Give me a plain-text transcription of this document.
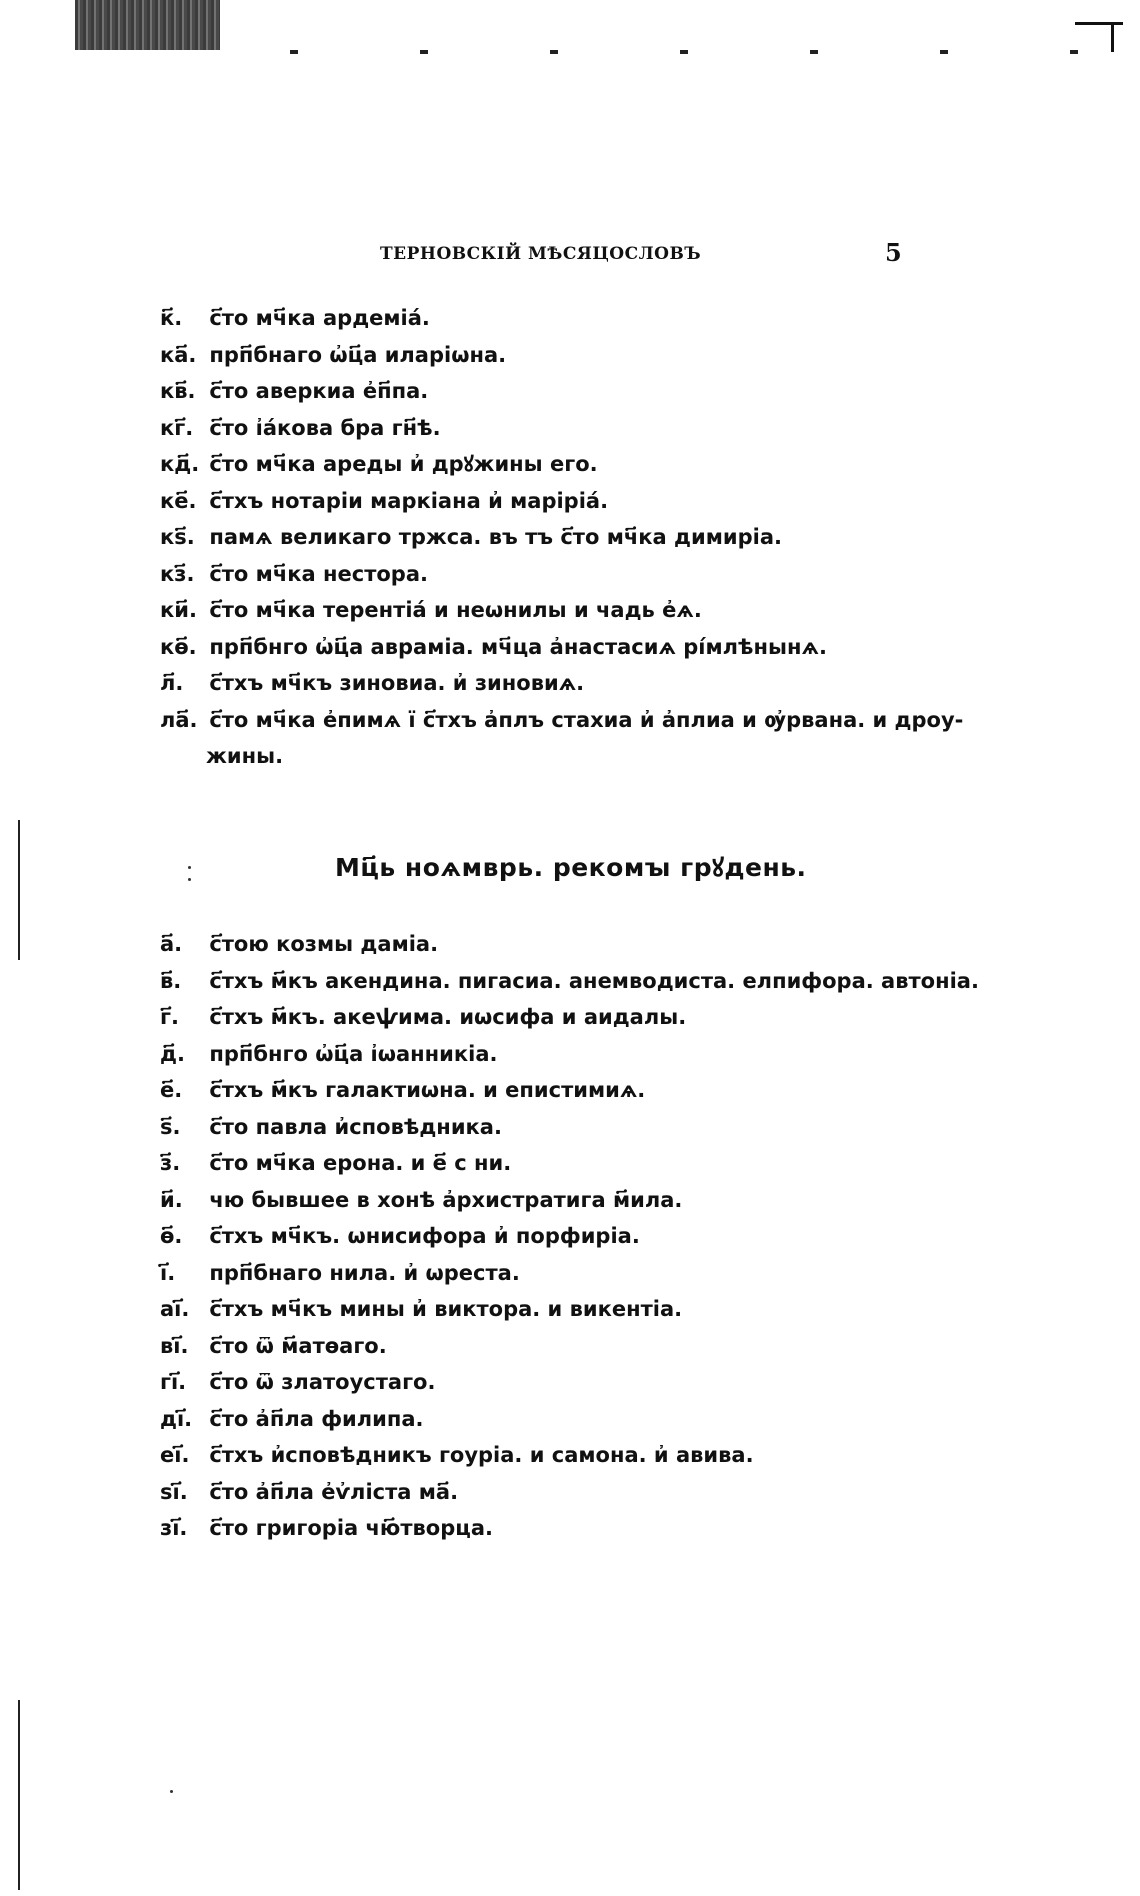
ТЕРНОВСКІЙ МѢСЯЦОСЛОВЪ	5
к҃. с҃то мч҃ка ардеміа́.
ка҃. прп҃бнаго ѡ҆ц҃а иларіѡна.
кв҃. с҃то аверкиа е҆п҃па.
кг҃. с҃то і҆а́кова бра гн҃ѣ.
кд҃. с҃то мч҃ка ареды и҆ дрꙋжины его.
ке҃. с҃тхъ нотаріи маркіана и҆ маріріа́.
кѕ҃. памѧ великаго тржса. въ тъ с҃то мч҃ка димиріа.
кз҃. с҃то мч҃ка нестора.
ки҃. с҃то мч҃ка терентіа́ и неѡнилы и чадь е҆ѧ.
кѳ҃. прп҃бнго ѡ҆ц҃а авраміа. мч҃ца а҆настасиѧ рі́млѣнынѧ.
л҃. с҃тхъ мч҃къ зиновиа. и҆ зиновиѧ.
ла҃. с҃то мч҃ка е҆пимѧ ї с҃тхъ а҆плъ стахиа и҆ а҆плиа и ѹ҆рвана. и дроу-
жины.
Мц҃ь ноѧмврь. рекомꙑ грꙋдень.
а҃. с҃тою козмы даміа.
в҃. с҃тхъ м҃къ акендина. пигасиа. анемводиста. елпифора. автоніа.
г҃. с҃тхъ м҃къ. акеѱима. иѡсифа и аидалы.
д҃. прп҃бнго ѡ҆ц҃а і҆ѡанникіа.
е҃. с҃тхъ м҃къ галактиѡна. и епистимиѧ.
ѕ҃. с҃то павла и҆сповѣдника.
з҃. с҃то мч҃ка ерона. и е҃ с ни.
и҃. чю бывшее в хонѣ а҆рхистратига м҃ила.
ѳ҃. с҃тхъ мч҃къ. ѡнисифора и҆ порфиріа.
і҃. прп҃бнаго нила. и҆ ѡреста.
аі҃. с҃тхъ мч҃къ мины и҆ виктора. и викентіа.
ві҃. с҃то ѿ м҃атѳаго.
гі҃. с҃то ѿ златоустаго.
ді҃. с҃то а҆п҃ла филипа.
еі҃. с҃тхъ и҆сповѣдникъ гоуріа. и самона. и҆ авива.
ѕі҃. с҃то а҆п҃ла е҆ѵ҆ліста ма҃.
зі҃. с҃то григоріа чю҃творца.
